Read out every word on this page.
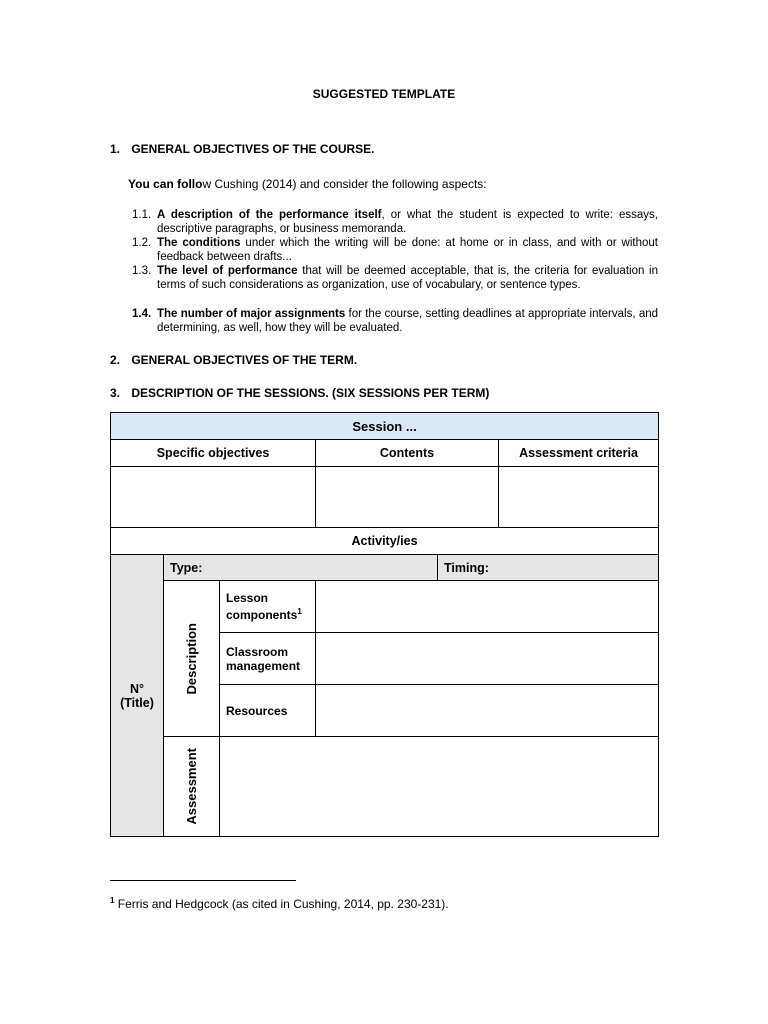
SUGGESTED TEMPLATE
1. GENERAL OBJECTIVES OF THE COURSE.
You can follow Cushing (2014) and consider the following aspects:
1.1. A description of the performance itself, or what the student is expected to write: essays, descriptive paragraphs, or business memoranda.
1.2. The conditions under which the writing will be done: at home or in class, and with or without feedback between drafts...
1.3. The level of performance that will be deemed acceptable, that is, the criteria for evaluation in terms of such considerations as organization, use of vocabulary, or sentence types.
1.4. The number of major assignments for the course, setting deadlines at appropriate intervals, and determining, as well, how they will be evaluated.
2. GENERAL OBJECTIVES OF THE TERM.
3. DESCRIPTION OF THE SESSIONS. (SIX SESSIONS PER TERM)
Session ...					
Specific objectives			Contents		Assessment criteria

Activity/ies					

N°
(Title)	Type:			Timing:	

	Description	Lesson components$^1$	
		Classroom management			
		Resources			

	Assessment				

$^1$ Ferris and Hedgcock (as cited in Cushing, 2014, pp. 230-231).
